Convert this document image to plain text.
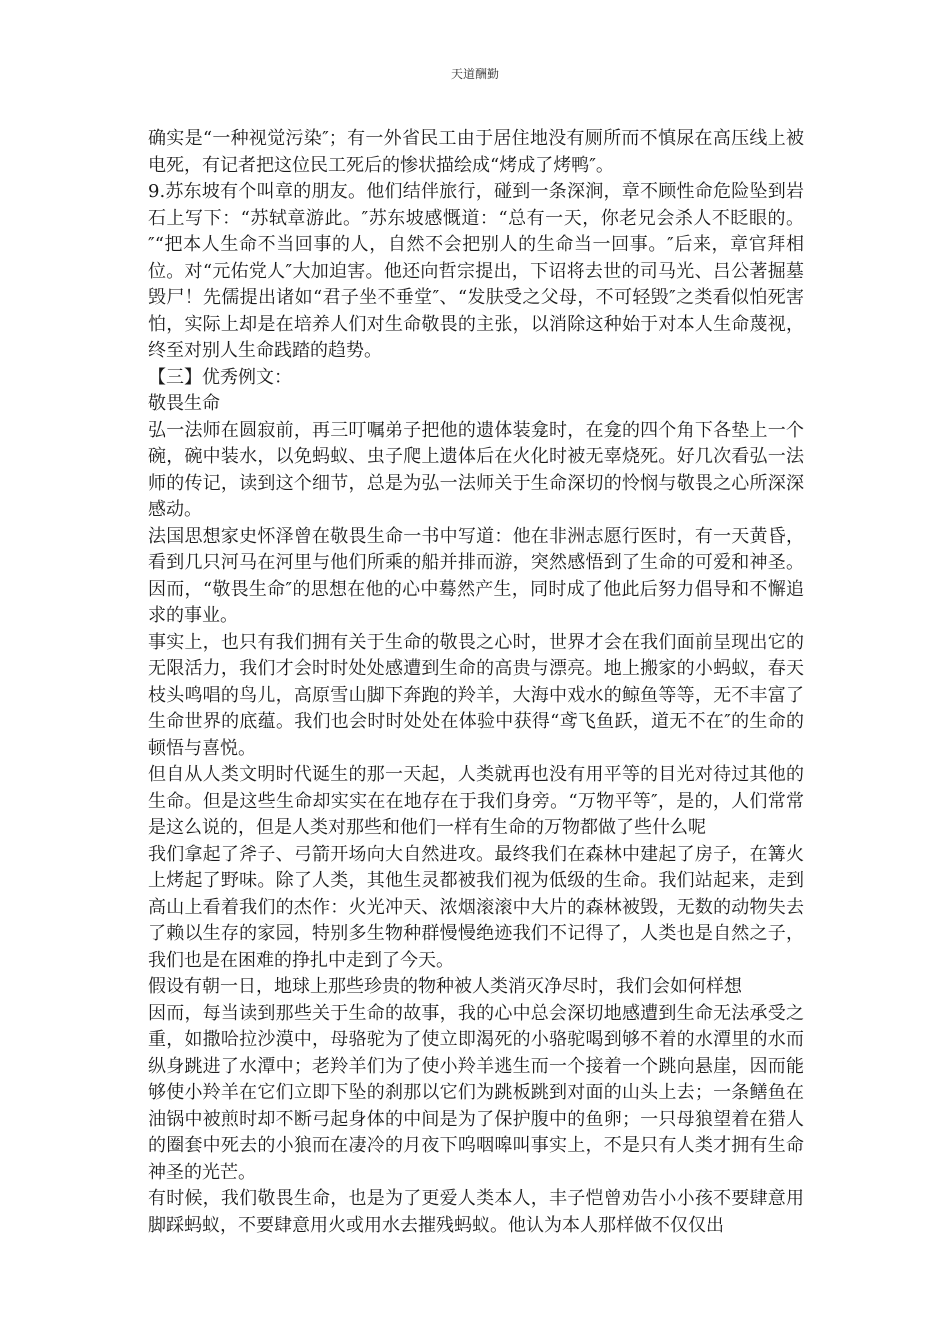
天道酬勤

确实是“一种视觉污染″；有一外省民工由于居住地没有厕所而不慎尿在高压线上被电死，有记者把这位民工死后的惨状描绘成“烤成了烤鸭″。

9.苏东坡有个叫章的朋友。他们结伴旅行，碰到一条深涧，章不顾性命危险坠到岩石上写下：“苏轼章游此。″苏东坡感慨道：“总有一天，你老兄会杀人不眨眼的。″“把本人生命不当回事的人，自然不会把别人的生命当一回事。″后来，章官拜相位。对“元佑党人″大加迫害。他还向哲宗提出，下诏将去世的司马光、吕公著掘墓毁尸！先儒提出诸如“君子坐不垂堂″、“发肤受之父母，不可轻毁″之类看似怕死害怕，实际上却是在培养人们对生命敬畏的主张，以消除这种始于对本人生命蔑视，终至对别人生命践踏的趋势。

【三】优秀例文：

敬畏生命

弘一法师在圆寂前，再三叮嘱弟子把他的遗体装龛时，在龛的四个角下各垫上一个碗，碗中装水，以免蚂蚁、虫子爬上遗体后在火化时被无辜烧死。好几次看弘一法师的传记，读到这个细节，总是为弘一法师关于生命深切的怜悯与敬畏之心所深深感动。

法国思想家史怀泽曾在敬畏生命一书中写道：他在非洲志愿行医时，有一天黄昏，看到几只河马在河里与他们所乘的船并排而游，突然感悟到了生命的可爱和神圣。因而，“敬畏生命″的思想在他的心中蓦然产生，同时成了他此后努力倡导和不懈追求的事业。

事实上，也只有我们拥有关于生命的敬畏之心时，世界才会在我们面前呈现出它的无限活力，我们才会时时处处感遭到生命的高贵与漂亮。地上搬家的小蚂蚁，春天枝头鸣唱的鸟儿，高原雪山脚下奔跑的羚羊，大海中戏水的鲸鱼等等，无不丰富了生命世界的底蕴。我们也会时时处处在体验中获得“鸢飞鱼跃，道无不在″的生命的顿悟与喜悦。

但自从人类文明时代诞生的那一天起，人类就再也没有用平等的目光对待过其他的生命。但是这些生命却实实在在地存在于我们身旁。“万物平等″，是的，人们常常是这么说的，但是人类对那些和他们一样有生命的万物都做了些什么呢

我们拿起了斧子、弓箭开场向大自然进攻。最终我们在森林中建起了房子，在篝火上烤起了野味。除了人类，其他生灵都被我们视为低级的生命。我们站起来，走到高山上看着我们的杰作：火光冲天、浓烟滚滚中大片的森林被毁，无数的动物失去了赖以生存的家园，特别多生物种群慢慢绝迹我们不记得了，人类也是自然之子，我们也是在困难的挣扎中走到了今天。

假设有朝一日，地球上那些珍贵的物种被人类消灭净尽时，我们会如何样想

因而，每当读到那些关于生命的故事，我的心中总会深切地感遭到生命无法承受之重，如撒哈拉沙漠中，母骆驼为了使立即渴死的小骆驼喝到够不着的水潭里的水而纵身跳进了水潭中；老羚羊们为了使小羚羊逃生而一个接着一个跳向悬崖，因而能够使小羚羊在它们立即下坠的刹那以它们为跳板跳到对面的山头上去；一条鳝鱼在油锅中被煎时却不断弓起身体的中间是为了保护腹中的鱼卵；一只母狼望着在猎人的圈套中死去的小狼而在凄冷的月夜下呜咽嗥叫事实上，不是只有人类才拥有生命神圣的光芒。

有时候，我们敬畏生命，也是为了更爱人类本人，丰子恺曾劝告小小孩不要肆意用脚踩蚂蚁，不要肆意用火或用水去摧残蚂蚁。他认为本人那样做不仅仅出
